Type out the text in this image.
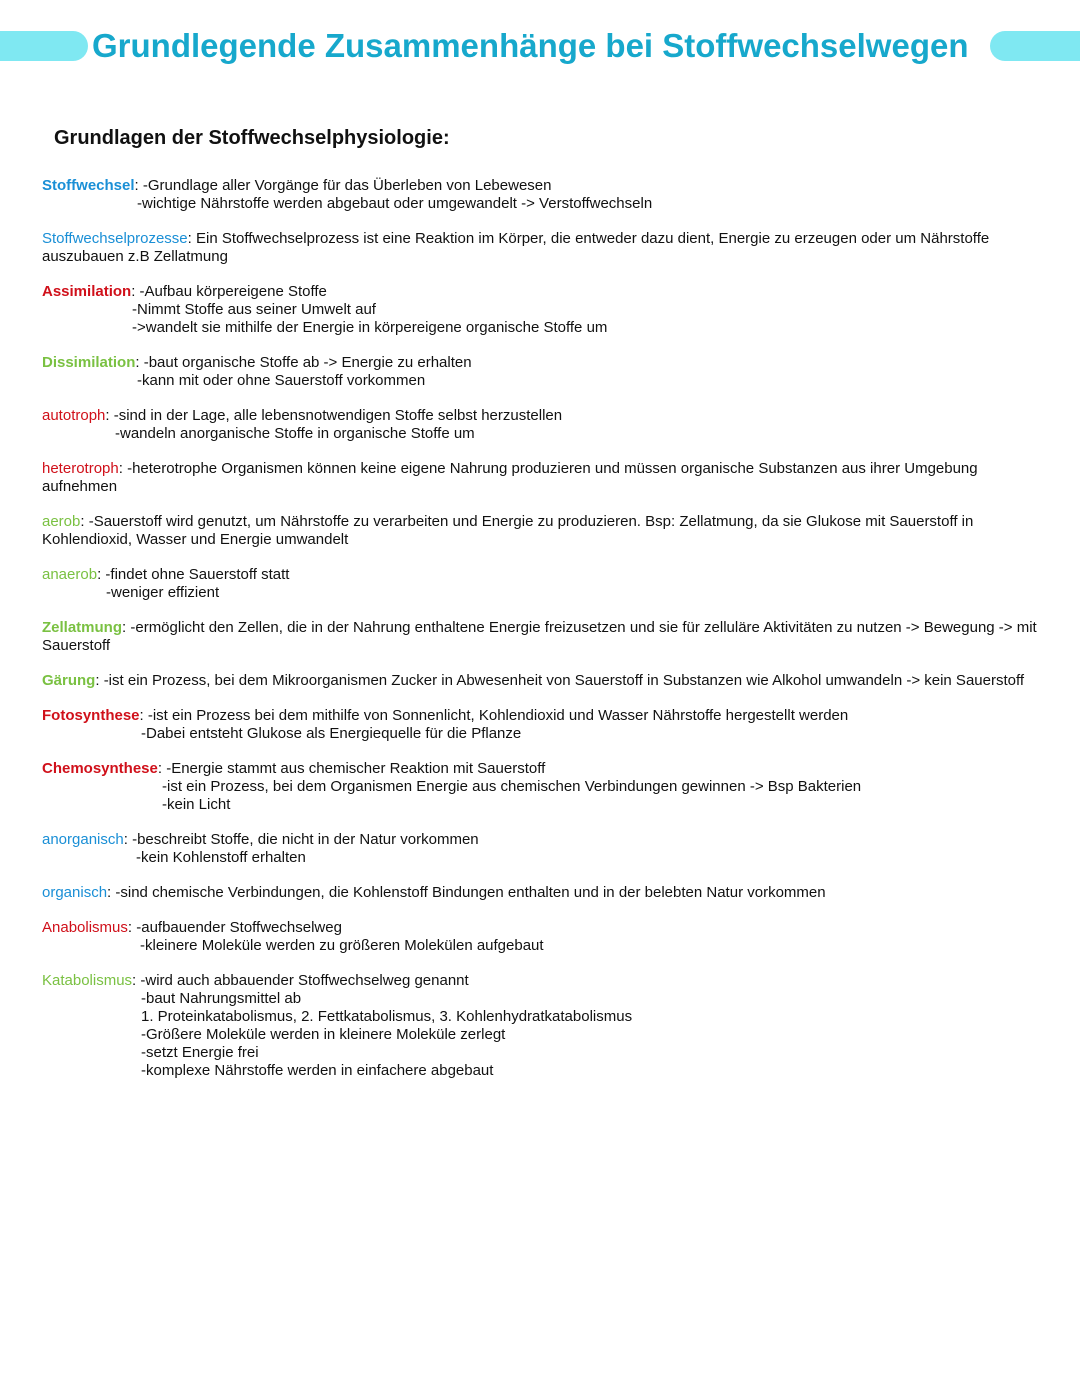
Grundlegende Zusammenhänge bei Stoffwechselwegen
Grundlagen der Stoffwechselphysiologie:

Stoffwechsel: -Grundlage aller Vorgänge für das Überleben von Lebewesen

-wichtige Nährstoffe werden abgebaut oder umgewandelt -> Verstoffwechseln

Stoffwechselprozesse: Ein Stoffwechselprozess ist eine Reaktion im Körper, die entweder dazu dient, Energie zu erzeugen oder um Nährstoffe auszubauen z.B Zellatmung

Assimilation: -Aufbau körpereigene Stoffe

-Nimmt Stoffe aus seiner Umwelt auf

->wandelt sie mithilfe der Energie in körpereigene organische Stoffe um

Dissimilation: -baut organische Stoffe ab -> Energie zu erhalten

-kann mit oder ohne Sauerstoff vorkommen

autotroph: -sind in der Lage, alle lebensnotwendigen Stoffe selbst herzustellen

-wandeln anorganische Stoffe in organische Stoffe um

heterotroph: -heterotrophe Organismen können keine eigene Nahrung produzieren und müssen organische Substanzen aus ihrer Umgebung aufnehmen

aerob: -Sauerstoff wird genutzt, um Nährstoffe zu verarbeiten und Energie zu produzieren. Bsp: Zellatmung, da sie Glukose mit Sauerstoff in Kohlendioxid, Wasser und Energie umwandelt

anaerob: -findet ohne Sauerstoff statt

-weniger effizient

Zellatmung: -ermöglicht den Zellen, die in der Nahrung enthaltene Energie freizusetzen und sie für zelluläre Aktivitäten zu nutzen -> Bewegung -> mit Sauerstoff

Gärung: -ist ein Prozess, bei dem Mikroorganismen Zucker in Abwesenheit von Sauerstoff in Substanzen wie Alkohol umwandeln -> kein Sauerstoff

Fotosynthese: -ist ein Prozess bei dem mithilfe von Sonnenlicht, Kohlendioxid und Wasser Nährstoffe hergestellt werden

-Dabei entsteht Glukose als Energiequelle für die Pflanze

Chemosynthese: -Energie stammt aus chemischer Reaktion mit Sauerstoff

-ist ein Prozess, bei dem Organismen Energie aus chemischen Verbindungen gewinnen -> Bsp Bakterien

-kein Licht

anorganisch: -beschreibt Stoffe, die nicht in der Natur vorkommen

-kein Kohlenstoff erhalten

organisch: -sind chemische Verbindungen, die Kohlenstoff Bindungen enthalten und in der belebten Natur vorkommen

Anabolismus: -aufbauender Stoffwechselweg

-kleinere Moleküle werden zu größeren Molekülen aufgebaut

Katabolismus: -wird auch abbauender Stoffwechselweg genannt

-baut Nahrungsmittel ab

1. Proteinkatabolismus, 2. Fettkatabolismus, 3. Kohlenhydratkatabolismus

-Größere Moleküle werden in kleinere Moleküle zerlegt

-setzt Energie frei

-komplexe Nährstoffe werden in einfachere abgebaut
